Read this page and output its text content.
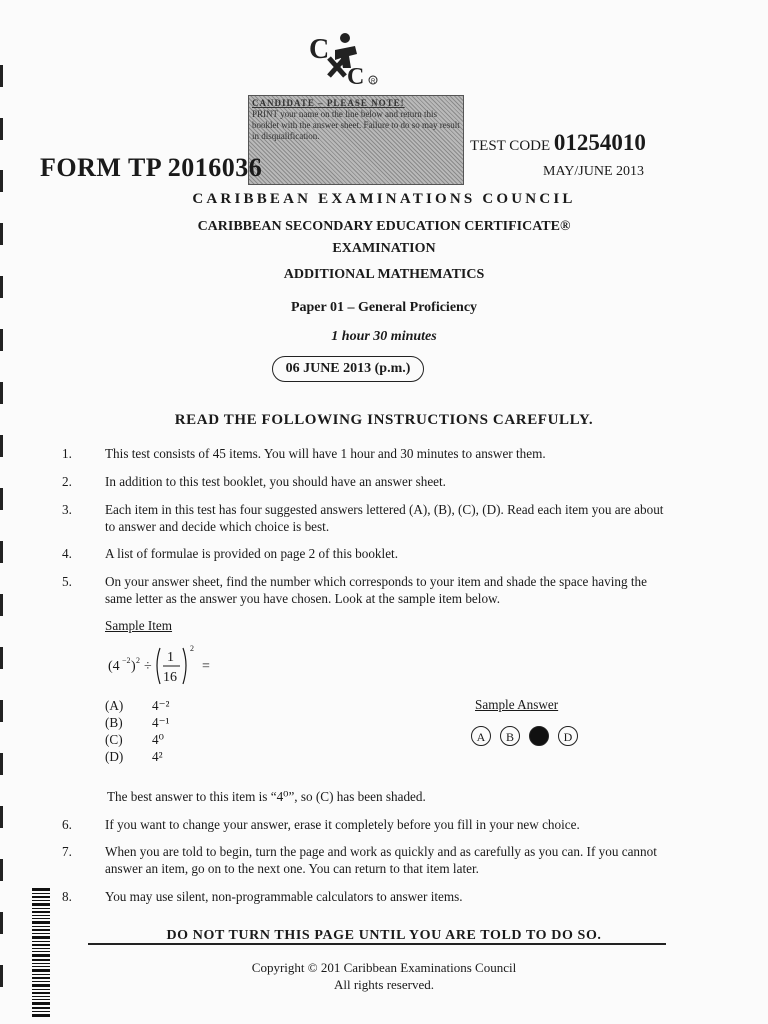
C
C R
CANDIDATE – PLEASE NOTE!
PRINT your name on the line below and return this booklet with the answer sheet. Failure to do so may result in disqualification.
FORM TP 2016036
TEST CODE 01254010
MAY/JUNE 2013
CARIBBEAN EXAMINATIONS COUNCIL
CARIBBEAN SECONDARY EDUCATION CERTIFICATE®
EXAMINATION
ADDITIONAL MATHEMATICS
Paper 01 – General Proficiency
1 hour 30 minutes
06 JUNE 2013 (p.m.)
READ THE FOLLOWING INSTRUCTIONS CAREFULLY.
1.	This test consists of 45 items. You will have 1 hour and 30 minutes to answer them.
2.	In addition to this test booklet, you should have an answer sheet.
3.	Each item in this test has four suggested answers lettered (A), (B), (C), (D). Read each item you are about to answer and decide which choice is best.
4.	A list of formulae is provided on page 2 of this booklet.
5.	On your answer sheet, find the number which corresponds to your item and shade the space having the same letter as the answer you have chosen. Look at the sample item below.
Sample Item
(4 −2 ) 2 ÷
1
16
2
=
(A) 4⁻²
(B) 4⁻¹
(C) 4⁰
(D) 4²
Sample Answer
A	B	D
The best answer to this item is “4⁰”, so (C) has been shaded.
6.	If you want to change your answer, erase it completely before you fill in your new choice.
7.	When you are told to begin, turn the page and work as quickly and as carefully as you can. If you cannot answer an item, go on to the next one. You can return to that item later.
8.	You may use silent, non-programmable calculators to answer items.
DO NOT TURN THIS PAGE UNTIL YOU ARE TOLD TO DO SO.
Copyright © 201 Caribbean Examinations Council
All rights reserved.
